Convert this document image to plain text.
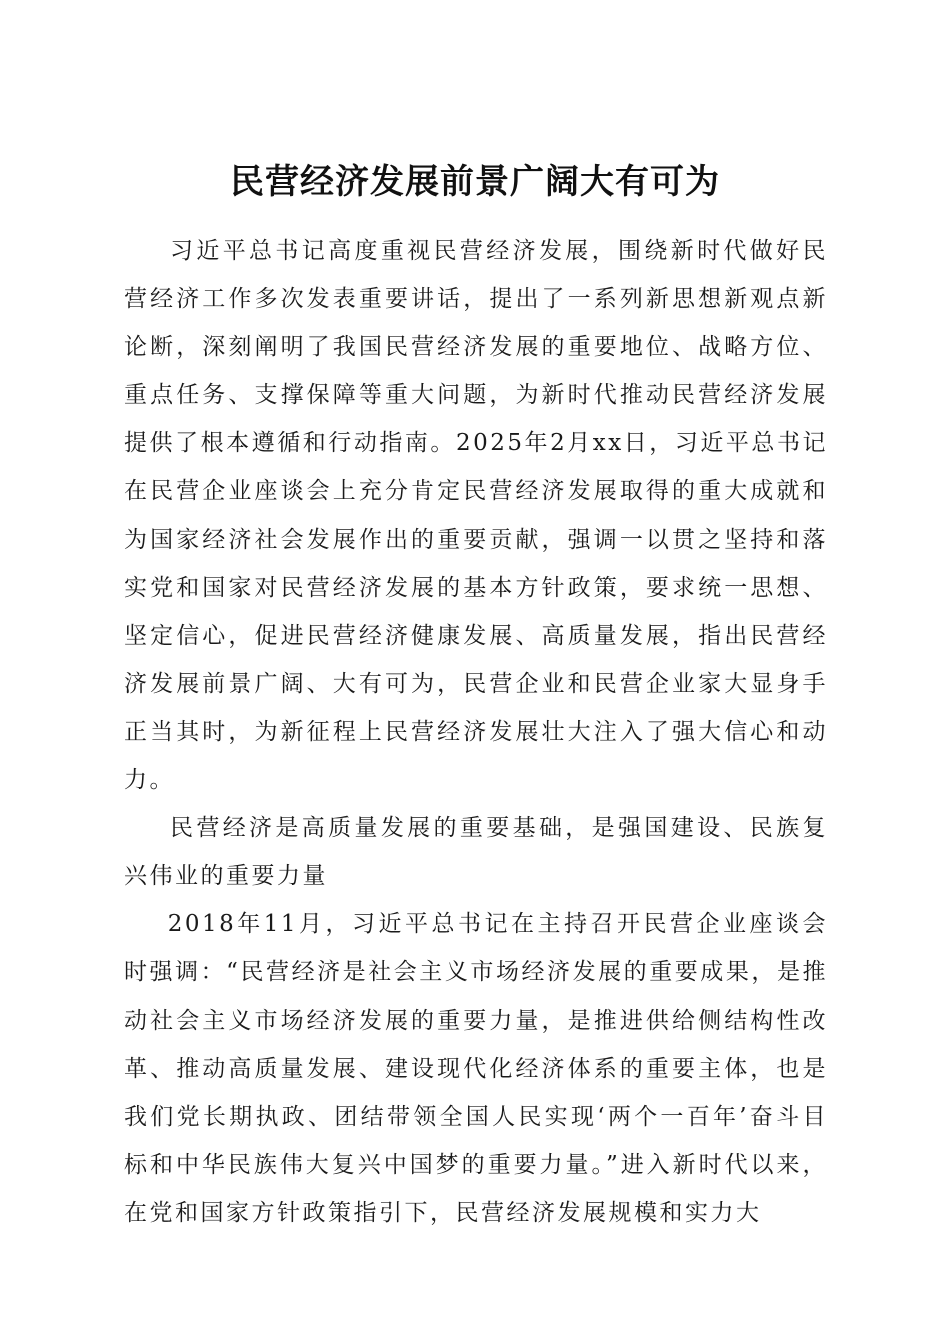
民营经济发展前景广阔大有可为

习近平总书记高度重视民营经济发展，围绕新时代做好民营经济工作多次发表重要讲话，提出了一系列新思想新观点新论断，深刻阐明了我国民营经济发展的重要地位、战略方位、重点任务、支撑保障等重大问题，为新时代推动民营经济发展提供了根本遵循和行动指南。2025年2月xx日，习近平总书记在民营企业座谈会上充分肯定民营经济发展取得的重大成就和为国家经济社会发展作出的重要贡献，强调一以贯之坚持和落实党和国家对民营经济发展的基本方针政策，要求统一思想、坚定信心，促进民营经济健康发展、高质量发展，指出民营经济发展前景广阔、大有可为，民营企业和民营企业家大显身手正当其时，为新征程上民营经济发展壮大注入了强大信心和动力。

民营经济是高质量发展的重要基础，是强国建设、民族复兴伟业的重要力量

2018年11月，习近平总书记在主持召开民营企业座谈会时强调：“民营经济是社会主义市场经济发展的重要成果，是推动社会主义市场经济发展的重要力量，是推进供给侧结构性改革、推动高质量发展、建设现代化经济体系的重要主体，也是我们党长期执政、团结带领全国人民实现‘两个一百年’奋斗目标和中华民族伟大复兴中国梦的重要力量。”进入新时代以来，在党和国家方针政策指引下，民营经济发展规模和实力大
